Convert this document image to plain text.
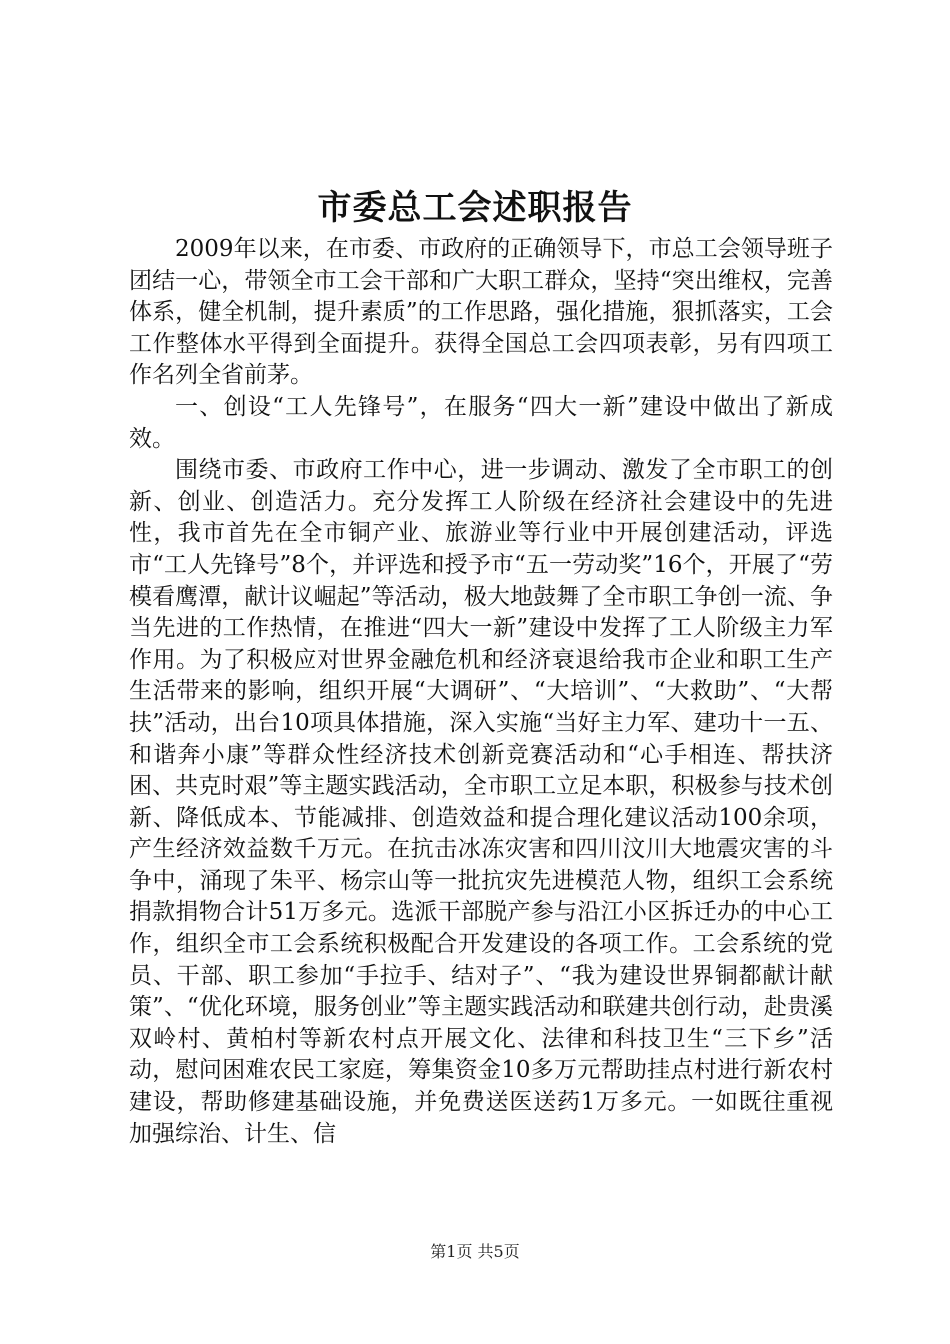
市委总工会述职报告

2009年以来，在市委、市政府的正确领导下，市总工会领导班子团结一心，带领全市工会干部和广大职工群众，坚持“突出维权，完善体系，健全机制，提升素质”的工作思路，强化措施，狠抓落实，工会工作整体水平得到全面提升。获得全国总工会四项表彰，另有四项工作名列全省前茅。

一、创设“工人先锋号”，在服务“四大一新”建设中做出了新成效。

围绕市委、市政府工作中心，进一步调动、激发了全市职工的创新、创业、创造活力。充分发挥工人阶级在经济社会建设中的先进性，我市首先在全市铜产业、旅游业等行业中开展创建活动，评选市“工人先锋号”8个，并评选和授予市“五一劳动奖”16个，开展了“劳模看鹰潭，献计议崛起”等活动，极大地鼓舞了全市职工争创一流、争当先进的工作热情，在推进“四大一新”建设中发挥了工人阶级主力军作用。为了积极应对世界金融危机和经济衰退给我市企业和职工生产生活带来的影响，组织开展“大调研”、“大培训”、“大救助”、“大帮扶”活动，出台10项具体措施，深入实施“当好主力军、建功十一五、和谐奔小康”等群众性经济技术创新竞赛活动和“心手相连、帮扶济困、共克时艰”等主题实践活动，全市职工立足本职，积极参与技术创新、降低成本、节能减排、创造效益和提合理化建议活动100余项，产生经济效益数千万元。在抗击冰冻灾害和四川汶川大地震灾害的斗争中，涌现了朱平、杨宗山等一批抗灾先进模范人物，组织工会系统捐款捐物合计51万多元。选派干部脱产参与沿江小区拆迁办的中心工作，组织全市工会系统积极配合开发建设的各项工作。工会系统的党员、干部、职工参加“手拉手、结对子”、“我为建设世界铜都献计献策”、“优化环境，服务创业”等主题实践活动和联建共创行动，赴贵溪双岭村、黄柏村等新农村点开展文化、法律和科技卫生“三下乡”活动，慰问困难农民工家庭，筹集资金10多万元帮助挂点村进行新农村建设，帮助修建基础设施，并免费送医送药1万多元。一如既往重视加强综治、计生、信

第1页 共5页
